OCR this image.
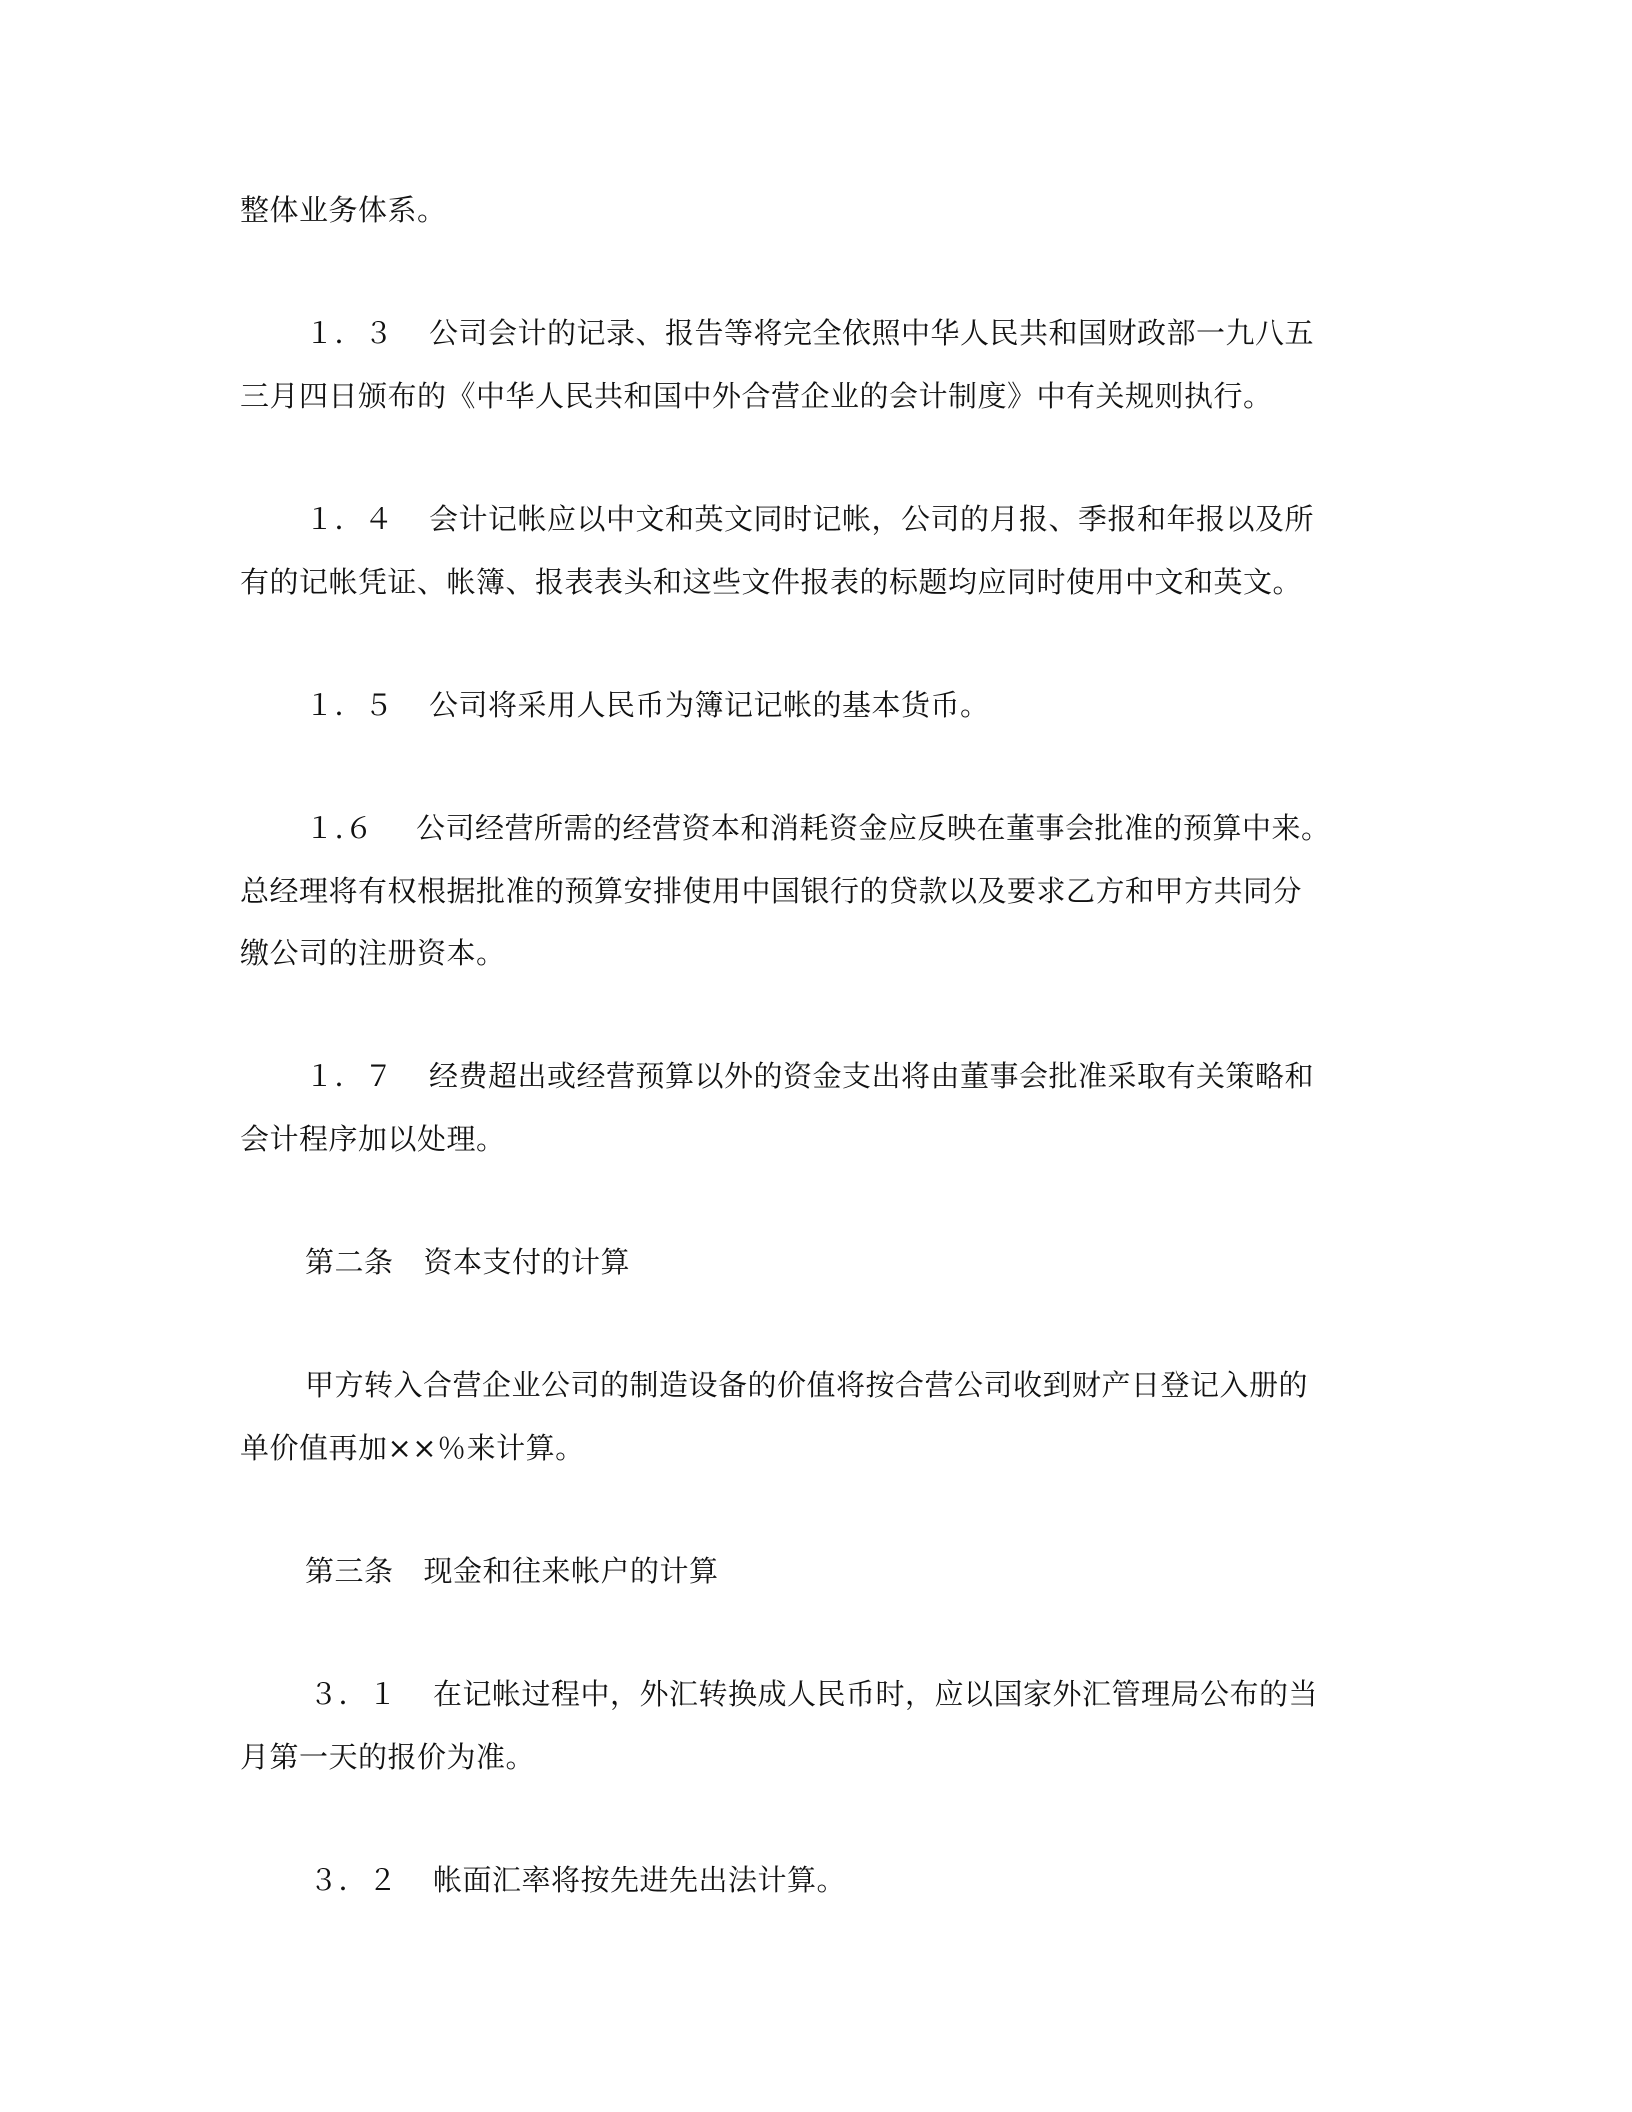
整体业务体系。
１．３ 公司会计的记录、报告等将完全依照中华人民共和国财政部一九八五
三月四日颁布的《中华人民共和国中外合营企业的会计制度》中有关规则执行。
１．４ 会计记帐应以中文和英文同时记帐，公司的月报、季报和年报以及所
有的记帐凭证、帐簿、报表表头和这些文件报表的标题均应同时使用中文和英文。
１．５ 公司将采用人民币为簿记记帐的基本货币。
１.６ 公司经营所需的经营资本和消耗资金应反映在董事会批准的预算中来。
总经理将有权根据批准的预算安排使用中国银行的贷款以及要求乙方和甲方共同分
缴公司的注册资本。
１．７ 经费超出或经营预算以外的资金支出将由董事会批准采取有关策略和
会计程序加以处理。
第二条 资本支付的计算
甲方转入合营企业公司的制造设备的价值将按合营公司收到财产日登记入册的
单价值再加××％来计算。
第三条 现金和往来帐户的计算
３．１ 在记帐过程中，外汇转换成人民币时，应以国家外汇管理局公布的当
月第一天的报价为准。
３．２ 帐面汇率将按先进先出法计算。
